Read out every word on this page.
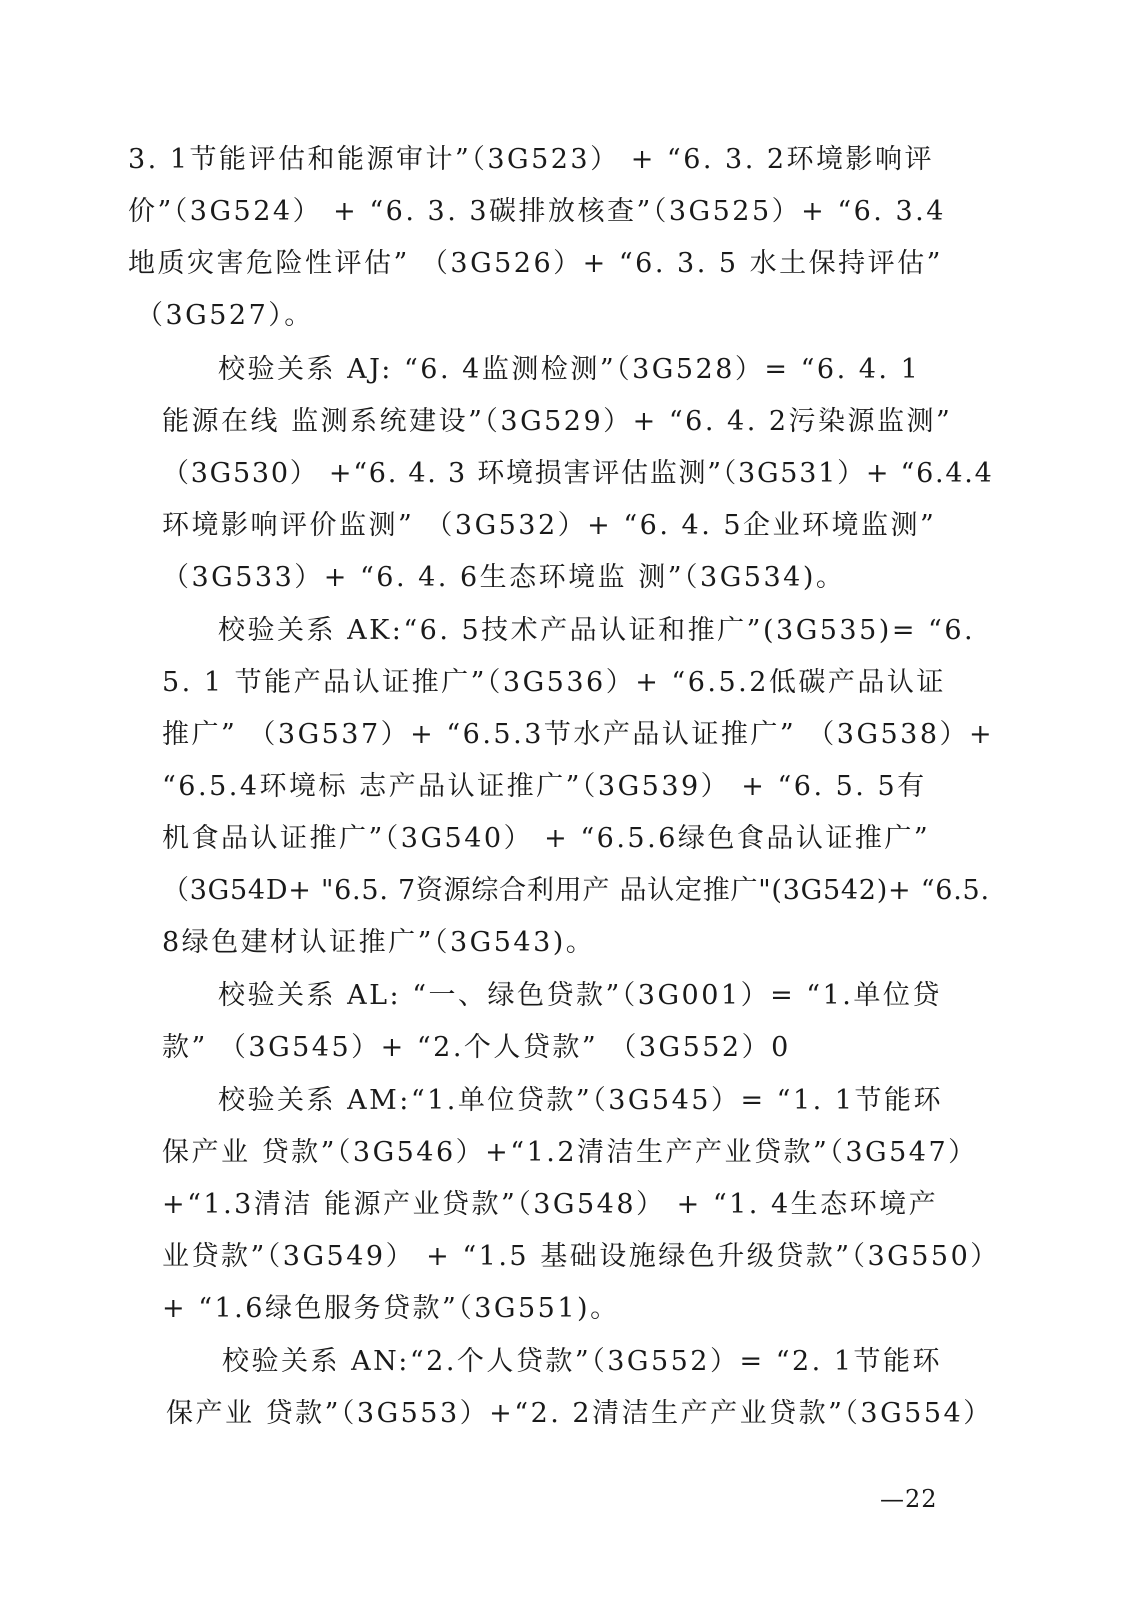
3. 1节能评估和能源审计”（3G523） + “6. 3. 2环境影响评
价”（3G524） + “6. 3. 3碳排放核查”（3G525）+ “6. 3.4
地质灾害危险性评估” （3G526）+ “6. 3. 5 水土保持评估”
（3G527）。
校验关系 AJ: “6. 4监测检测”（3G528）= “6. 4. 1
能源在线 监测系统建设”（3G529）+ “6. 4. 2污染源监测”
（3G530） +“6. 4. 3 环境损害评估监测”（3G531）+ “6.4.4
环境影响评价监测” （3G532）+ “6. 4. 5企业环境监测”
（3G533）+ “6. 4. 6生态环境监 测”（3G534)。
校验关系 AK:“6. 5技术产品认证和推广”(3G535)= “6.
5. 1 节能产品认证推广”（3G536）+ “6.5.2低碳产品认证
推广” （3G537）+ “6.5.3节水产品认证推广” （3G538）+
“6.5.4环境标 志产品认证推广”（3G539） + “6. 5. 5有
机食品认证推广”（3G540） + “6.5.6绿色食品认证推广”
（3G54D+ "6.5. 7资源综合利用产 品认定推广"(3G542)+ “6.5.
8绿色建材认证推广”（3G543)。
校验关系 AL: “一、绿色贷款”（3G001）= “1.单位贷
款” （3G545）+ “2.个人贷款” （3G552）0
校验关系 AM:“1.单位贷款”（3G545）= “1. 1节能环
保产业 贷款”（3G546）+“1.2清洁生产产业贷款”（3G547）
+“1.3清洁 能源产业贷款”（3G548） + “1. 4生态环境产
业贷款”（3G549） + “1.5 基础设施绿色升级贷款”（3G550）
+ “1.6绿色服务贷款”（3G551)。
校验关系 AN:“2.个人贷款”（3G552）= “2. 1节能环
保产业 贷款”（3G553）+“2. 2清洁生产产业贷款”（3G554）
—22
